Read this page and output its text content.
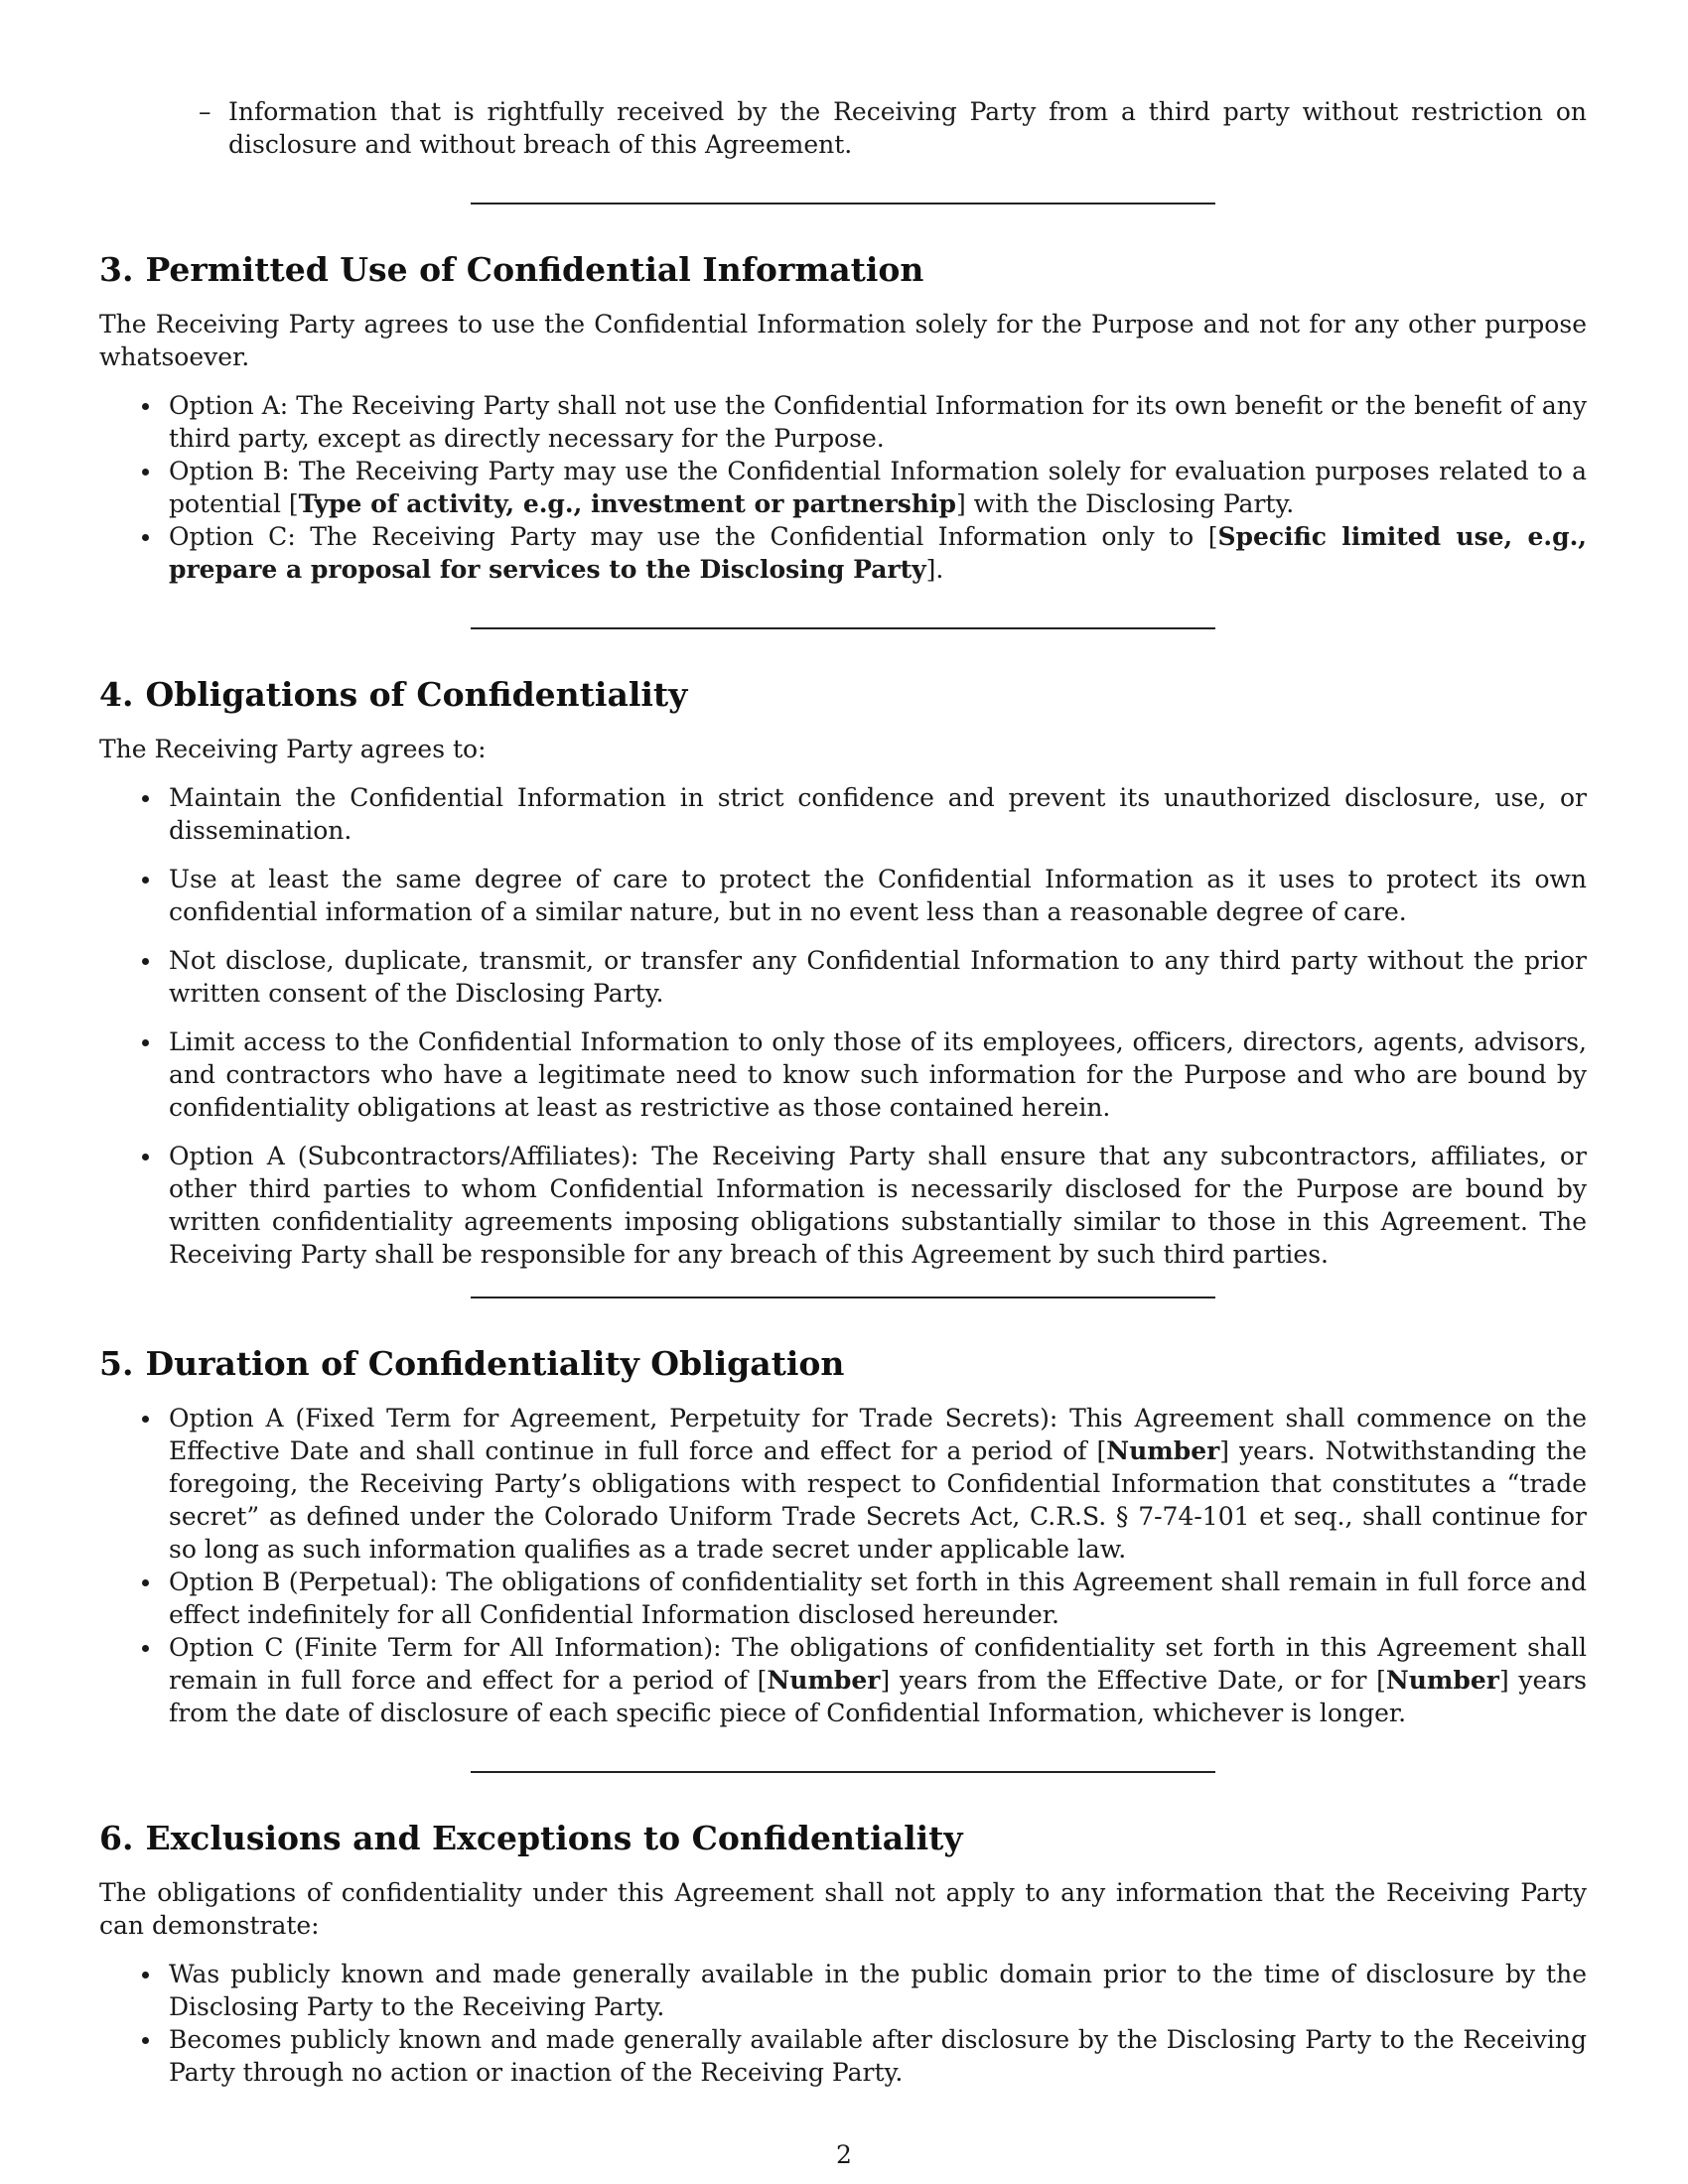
– Information that is rightfully received by the Receiving Party from a third party without restriction on disclosure and without breach of this Agreement.

3. Permitted Use of Confidential Information

The Receiving Party agrees to use the Confidential Information solely for the Purpose and not for any other purpose whatsoever.

Option A: The Receiving Party shall not use the Confidential Information for its own benefit or the benefit of any third party, except as directly necessary for the Purpose.
Option B: The Receiving Party may use the Confidential Information solely for evaluation purposes related to a potential [Type of activity, e.g., investment or partnership] with the Disclosing Party.
Option C: The Receiving Party may use the Confidential Information only to [Specific limited use, e.g., prepare a proposal for services to the Disclosing Party].
4. Obligations of Confidentiality

The Receiving Party agrees to:

Maintain the Confidential Information in strict confidence and prevent its unauthorized disclosure, use, or dissemination.
Use at least the same degree of care to protect the Confidential Information as it uses to protect its own confidential information of a similar nature, but in no event less than a reasonable degree of care.
Not disclose, duplicate, transmit, or transfer any Confidential Information to any third party without the prior written consent of the Disclosing Party.
Limit access to the Confidential Information to only those of its employees, officers, directors, agents, advisors, and contractors who have a legitimate need to know such information for the Purpose and who are bound by confidentiality obligations at least as restrictive as those contained herein.
Option A (Subcontractors/Affiliates): The Receiving Party shall ensure that any subcontractors, affiliates, or other third parties to whom Confidential Information is necessarily disclosed for the Purpose are bound by written confidentiality agreements imposing obligations substantially similar to those in this Agreement. The Receiving Party shall be responsible for any breach of this Agreement by such third parties.
5. Duration of Confidentiality Obligation
Option A (Fixed Term for Agreement, Perpetuity for Trade Secrets): This Agreement shall commence on the Effective Date and shall continue in full force and effect for a period of [Number] years. Notwithstanding the foregoing, the Receiving Party’s obligations with respect to Confidential Information that constitutes a “trade secret” as defined under the Colorado Uniform Trade Secrets Act, C.R.S. § 7-74-101 et seq., shall continue for so long as such information qualifies as a trade secret under applicable law.
Option B (Perpetual): The obligations of confidentiality set forth in this Agreement shall remain in full force and effect indefinitely for all Confidential Information disclosed hereunder.
Option C (Finite Term for All Information): The obligations of confidentiality set forth in this Agreement shall remain in full force and effect for a period of [Number] years from the Effective Date, or for [Number] years from the date of disclosure of each specific piece of Confidential Information, whichever is longer.
6. Exclusions and Exceptions to Confidentiality

The obligations of confidentiality under this Agreement shall not apply to any information that the Receiving Party can demonstrate:

Was publicly known and made generally available in the public domain prior to the time of disclosure by the Disclosing Party to the Receiving Party.
Becomes publicly known and made generally available after disclosure by the Disclosing Party to the Receiving Party through no action or inaction of the Receiving Party.
2
